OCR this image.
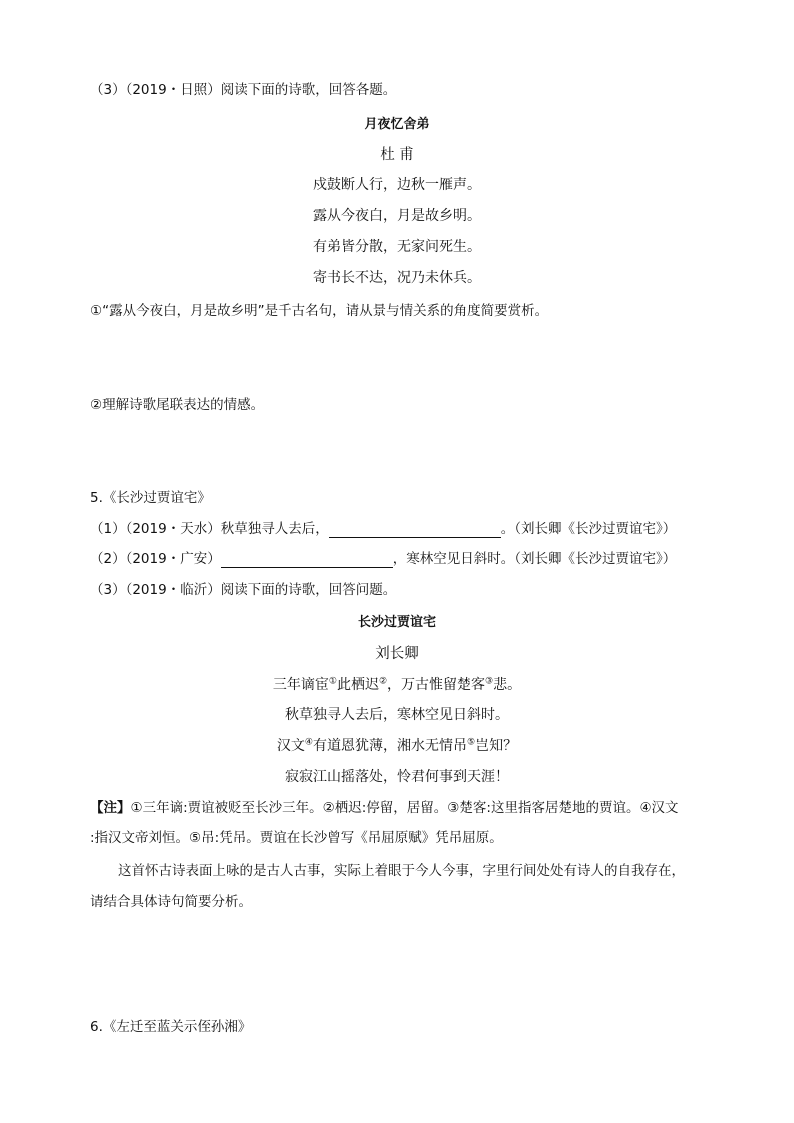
（3）（2019・日照）阅读下面的诗歌，回答各题。
月夜忆舍弟
杜 甫
戍鼓断人行，边秋一雁声。
露从今夜白，月是故乡明。
有弟皆分散，无家问死生。
寄书长不达，况乃未休兵。
①“露从今夜白，月是故乡明”是千古名句，请从景与情关系的角度简要赏析。
②理解诗歌尾联表达的情感。
5.《长沙过贾谊宅》
（1）（2019・天水）秋草独寻人去后，	。（刘长卿《长沙过贾谊宅》）
（2）（2019・广安）	，寒林空见日斜时。（刘长卿《长沙过贾谊宅》）
（3）（2019・临沂）阅读下面的诗歌，回答问题。
长沙过贾谊宅
刘长卿
三年谪宦①此栖迟②，万古惟留楚客③悲。
秋草独寻人去后，寒林空见日斜时。
汉文④有道恩犹薄，湘水无情吊⑤岂知？
寂寂江山摇落处，怜君何事到天涯！
【注】①三年谪:贾谊被贬至长沙三年。②栖迟:停留，居留。③楚客:这里指客居楚地的贾谊。④汉文
:指汉文帝刘恒。⑤吊:凭吊。贾谊在长沙曾写《吊屈原赋》凭吊屈原。
这首怀古诗表面上咏的是古人古事，实际上着眼于今人今事，字里行间处处有诗人的自我存在，
请结合具体诗句简要分析。
6.《左迁至蓝关示侄孙湘》
